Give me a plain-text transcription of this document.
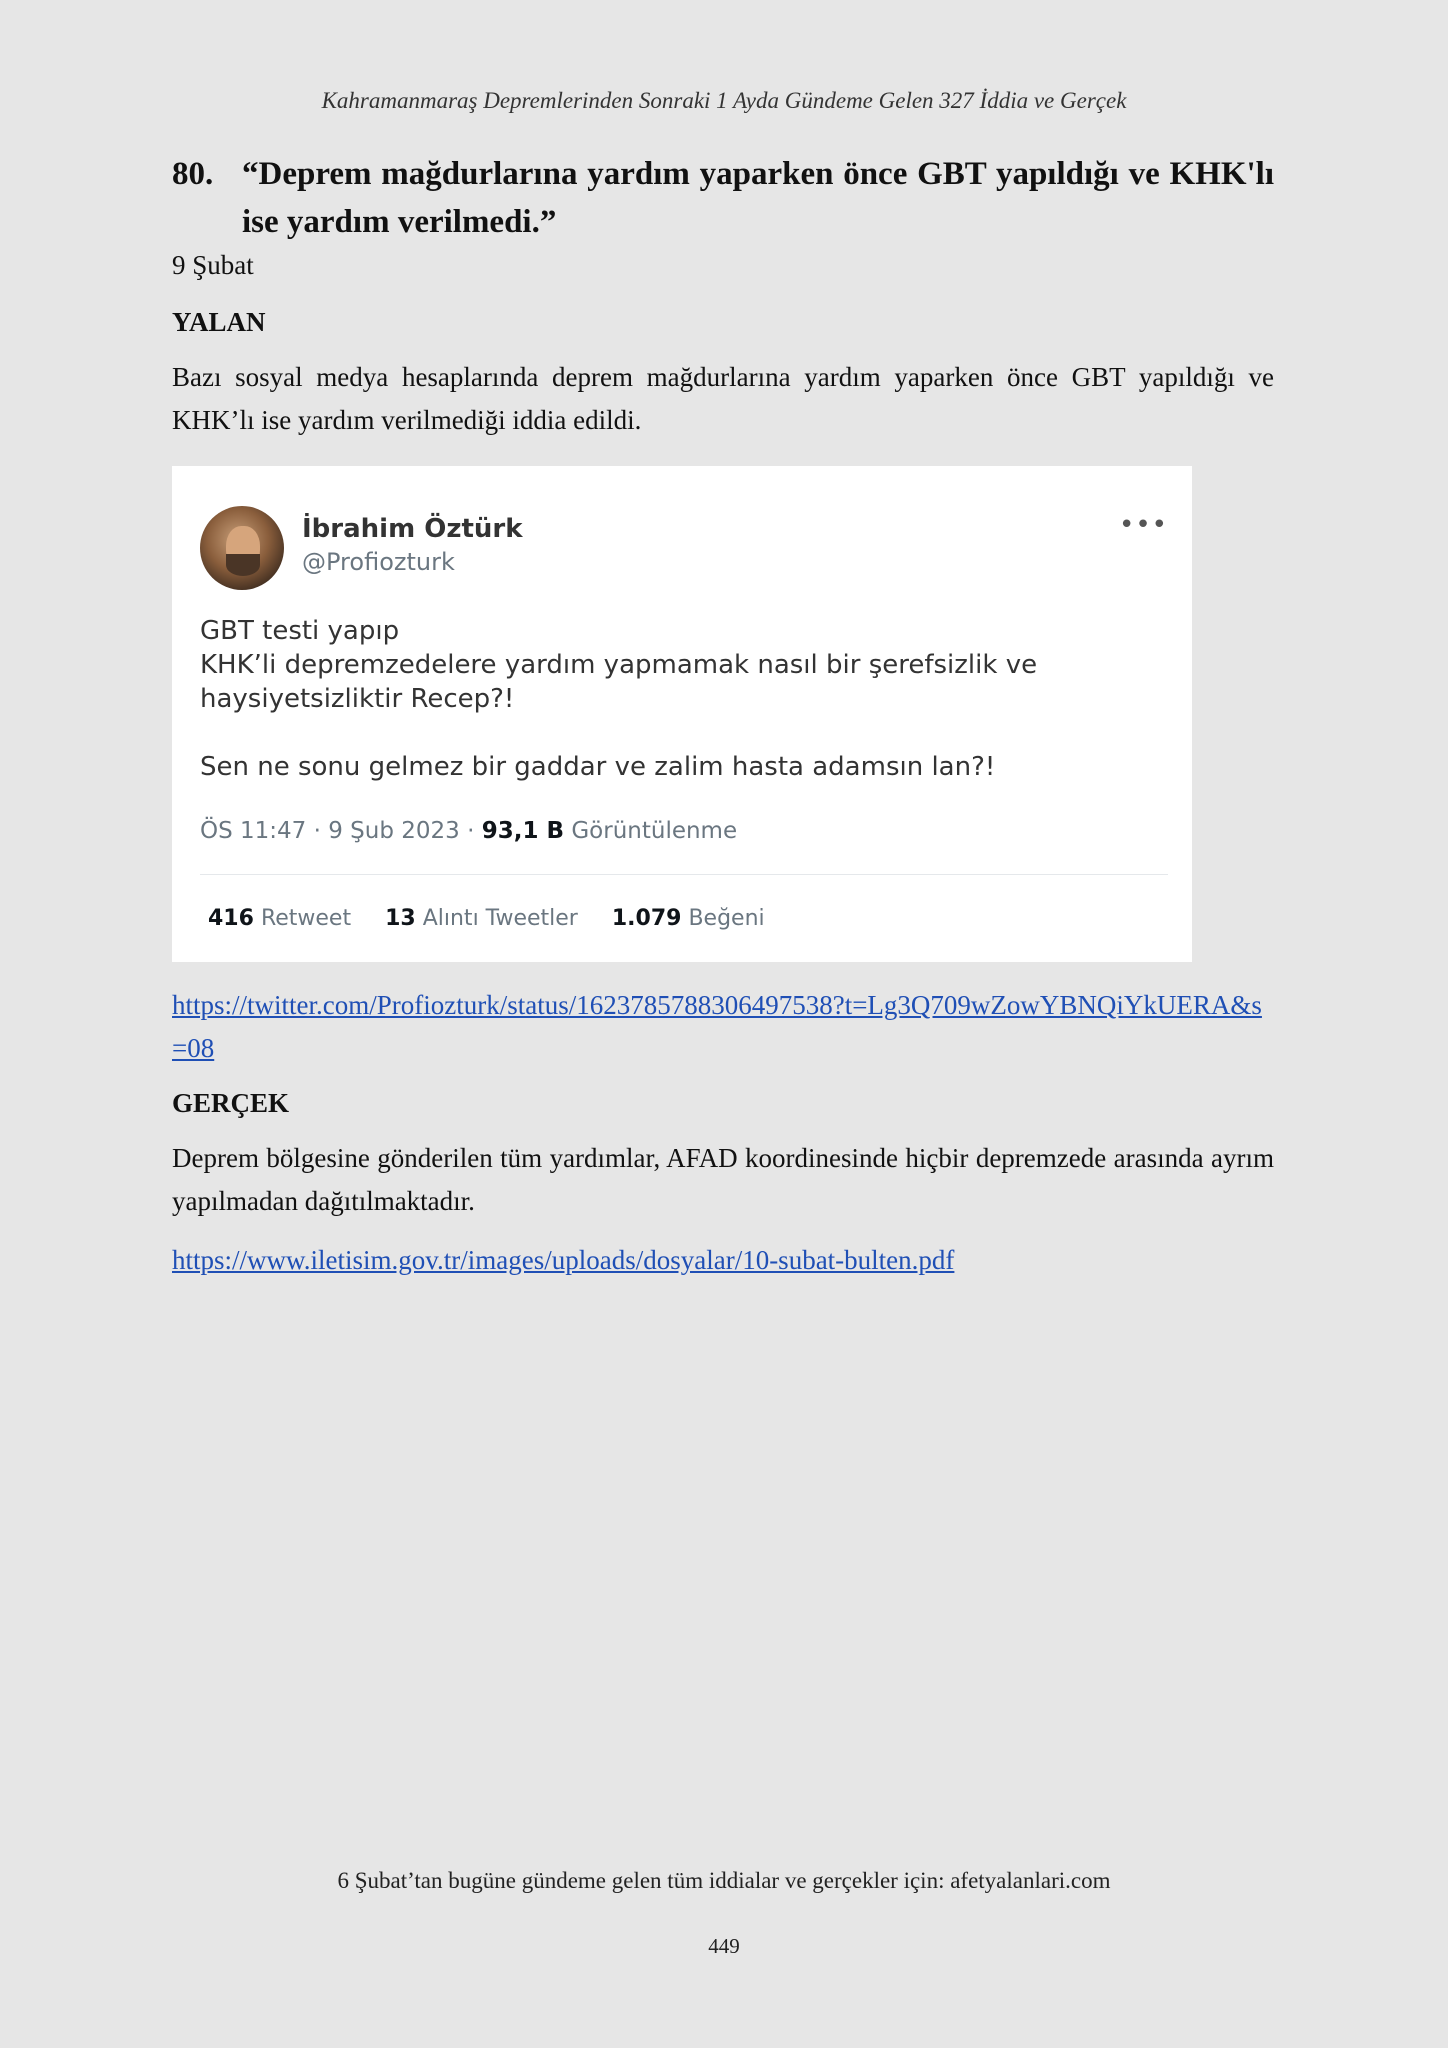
Kahramanmaraş Depremlerinden Sonraki 1 Ayda Gündeme Gelen 327 İddia ve Gerçek
80. “Deprem mağdurlarına yardım yaparken önce GBT yapıldığı ve KHK'lı ise yardım verilmedi.”
9 Şubat
YALAN
Bazı sosyal medya hesaplarında deprem mağdurlarına yardım yaparken önce GBT yapıldığı ve KHK’lı ise yardım verilmediği iddia edildi.
İbrahim Öztürk
@Profiozturk
•••

GBT testi yapıp

KHK’li depremzedelere yardım yapmamak nasıl bir şerefsizlik ve

haysiyetsizliktir Recep?!

Sen ne sonu gelmez bir gaddar ve zalim hasta adamsın lan?!

ÖS 11:47 · 9 Şub 2023 · 93,1 B Görüntülenme
416 Retweet 13 Alıntı Tweetler 1.079 Beğeni
https://twitter.com/Profiozturk/status/1623785788306497538?t=Lg3Q709wZowYBNQiYkUERA&s=08
GERÇEK
Deprem bölgesine gönderilen tüm yardımlar, AFAD koordinesinde hiçbir depremzede arasında ayrım yapılmadan dağıtılmaktadır.
https://www.iletisim.gov.tr/images/uploads/dosyalar/10-subat-bulten.pdf
6 Şubat’tan bugüne gündeme gelen tüm iddialar ve gerçekler için: afetyalanlari.com
449
